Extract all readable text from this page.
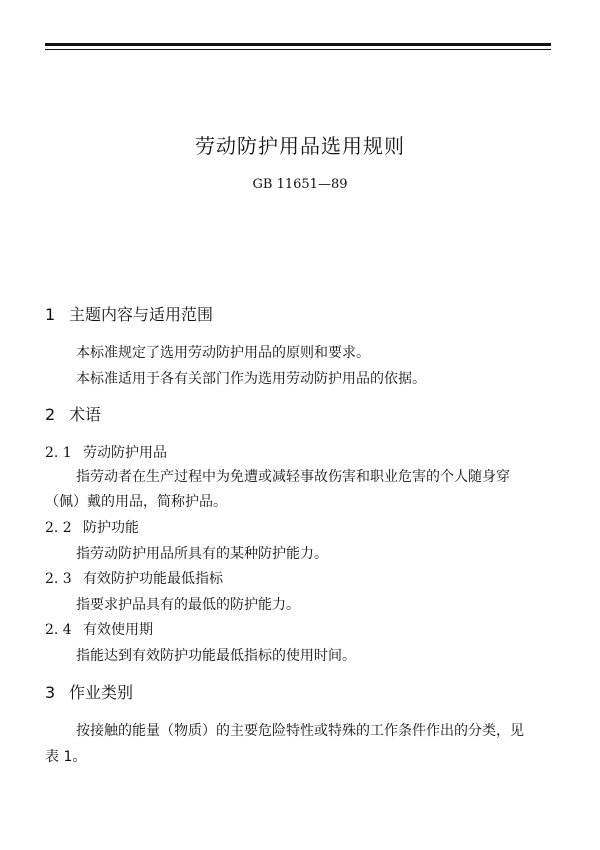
劳动防护用品选用规则
GB 11651—89
1 主题内容与适用范围
本标准规定了选用劳动防护用品的原则和要求。
本标准适用于各有关部门作为选用劳动防护用品的依据。
2 术语
2. 1 劳动防护用品
指劳动者在生产过程中为免遭或减轻事故伤害和职业危害的个人随身穿
（佩）戴的用品，简称护品。
2. 2 防护功能
指劳动防护用品所具有的某种防护能力。
2. 3 有效防护功能最低指标
指要求护品具有的最低的防护能力。
2. 4 有效使用期
指能达到有效防护功能最低指标的使用时间。
3 作业类别
按接触的能量（物质）的主要危险特性或特殊的工作条件作出的分类，见
表 1。
